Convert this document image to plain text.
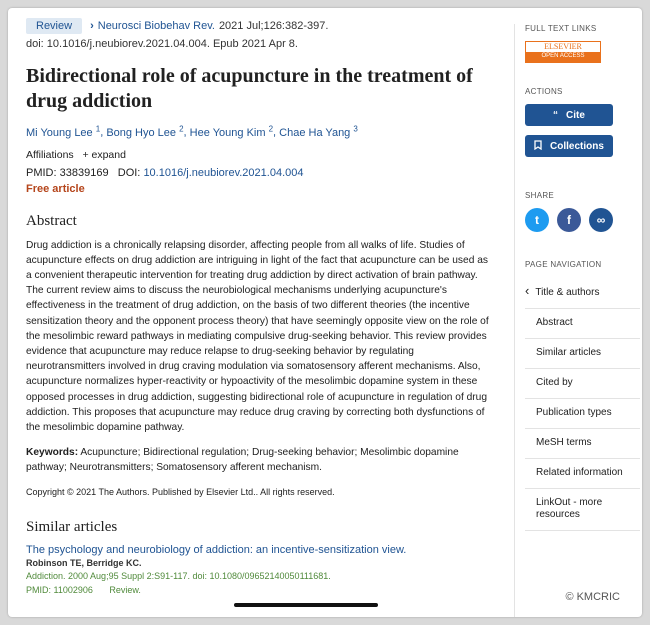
Review
›	Neurosci Biobehav Rev. 2021 Jul;126:382-397.
doi: 10.1016/j.neubiorev.2021.04.004. Epub 2021 Apr 8.
Bidirectional role of acupuncture in the treatment of drug addiction
Mi Young Lee $^1$, Bong Hyo Lee $^2$, Hee Young Kim $^2$, Chae Ha Yang $^3$
Affiliations + expand
PMID: 33839169 DOI: 10.1016/j.neubiorev.2021.04.004
Free article
Abstract

Drug addiction is a chronically relapsing disorder, affecting people from all walks of life. Studies of acupuncture effects on drug addiction are intriguing in light of the fact that acupuncture can be used as a convenient therapeutic intervention for treating drug addiction by direct activation of brain pathway. The current review aims to discuss the neurobiological mechanisms underlying acupuncture's effectiveness in the treatment of drug addiction, on the basis of two different theories (the incentive sensitization theory and the opponent process theory) that have seemingly opposite view on the role of the mesolimbic reward pathways in mediating compulsive drug-seeking behavior. This review provides evidence that acupuncture may reduce relapse to drug-seeking behavior by regulating neurotransmitters involved in drug craving modulation via somatosensory afferent mechanisms. Also, acupuncture normalizes hyper-reactivity or hypoactivity of the mesolimbic dopamine system in these opposed processes in drug addiction, suggesting bidirectional role of acupuncture in regulation of drug addiction. This proposes that acupuncture may reduce drug craving by correcting both dysfunctions of the mesolimbic dopamine pathway.

Keywords: Acupuncture; Bidirectional regulation; Drug-seeking behavior; Mesolimbic dopamine pathway; Neurotransmitters; Somatosensory afferent mechanism.
Copyright © 2021 The Authors. Published by Elsevier Ltd.. All rights reserved.
Similar articles
The psychology and neurobiology of addiction: an incentive-sensitization view.
Robinson TE, Berridge KC.
Addiction. 2000 Aug;95 Suppl 2:S91-117. doi: 10.1080/09652140050111681.
PMID: 11002906 Review.
FULL TEXT LINKS
ELSEVIER
OPEN ACCESS
ACTIONS
“ Cite
Collections
SHARE
t	f	∞
PAGE NAVIGATION
‹ Title & authors
Abstract
Similar articles
Cited by
Publication types
MeSH terms
Related information
LinkOut - more resources
© KMCRIC
